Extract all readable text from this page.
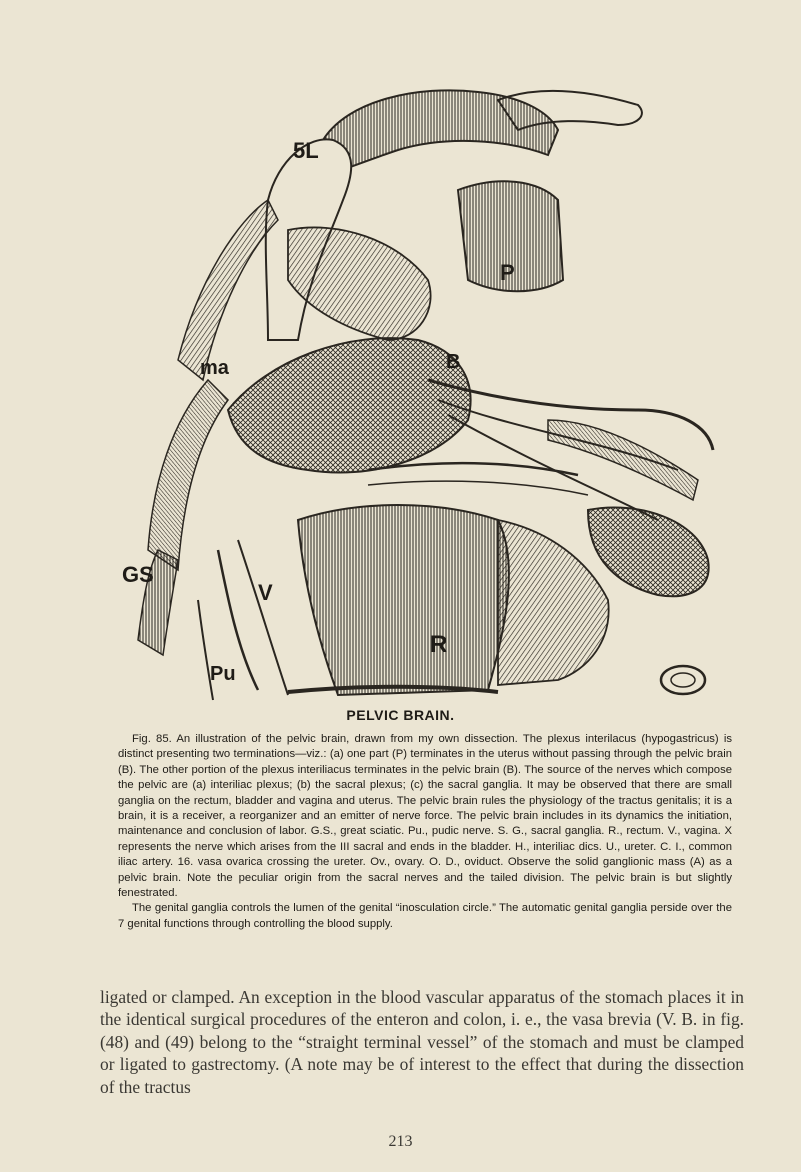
5L
P
B
ma
GS
Pu
V
R
PELVIC BRAIN.

Fig. 85. An illustration of the pelvic brain, drawn from my own dissection. The plexus interilacus (hypogastricus) is distinct presenting two terminations—viz.: (a) one part (P) terminates in the uterus without passing through the pelvic brain (B). The other portion of the plexus interiliacus terminates in the pelvic brain (B). The source of the nerves which compose the pelvic are (a) interiliac plexus; (b) the sacral plexus; (c) the sacral ganglia. It may be observed that there are small ganglia on the rectum, bladder and vagina and uterus. The pelvic brain rules the physiology of the tractus genitalis; it is a brain, it is a receiver, a reorganizer and an emitter of nerve force. The pelvic brain includes in its dynamics the initiation, maintenance and conclusion of labor. G.S., great sciatic. Pu., pudic nerve. S. G., sacral ganglia. R., rectum. V., vagina. X represents the nerve which arises from the III sacral and ends in the bladder. H., interiliac dics. U., ureter. C. I., common iliac artery. 16. vasa ovarica crossing the ureter. Ov., ovary. O. D., oviduct. Observe the solid ganglionic mass (A) as a pelvic brain. Note the peculiar origin from the sacral nerves and the tailed division. The pelvic brain is but slightly fenestrated.

The genital ganglia controls the lumen of the genital “inosculation circle.” The automatic genital ganglia perside over the 7 genital functions through controlling the blood supply.

ligated or clamped. An exception in the blood vascular apparatus of the stomach places it in the identical surgical procedures of the enteron and colon, i. e., the vasa brevia (V. B. in fig. (48) and (49) belong to the “straight terminal vessel” of the stomach and must be clamped or ligated to gastrectomy. (A note may be of interest to the effect that during the dissection of the tractus

213
